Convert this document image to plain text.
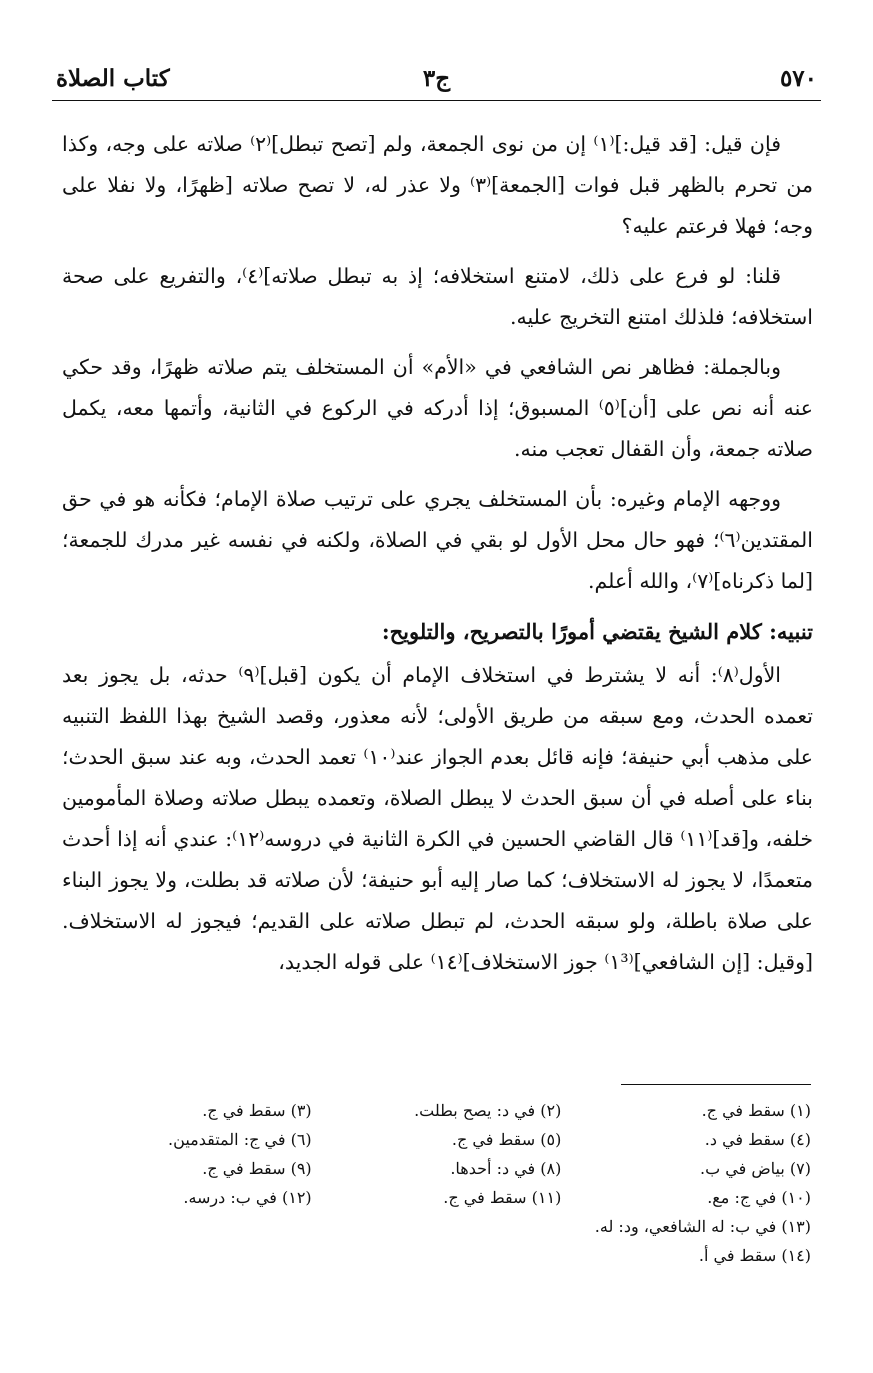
٥٧٠
ج٣
كتاب الصلاة

فإن قيل: [قد قيل:]⁽١⁾ إن من نوى الجمعة، ولم [تصح تبطل]⁽٢⁾ صلاته على وجه، وكذا من تحرم بالظهر قبل فوات [الجمعة]⁽٣⁾ ولا عذر له، لا تصح صلاته [ظهرًا، ولا نفلا على وجه؛ فهلا فرعتم عليه؟

قلنا: لو فرع على ذلك، لامتنع استخلافه؛ إذ به تبطل صلاته]⁽٤⁾، والتفريع على صحة استخلافه؛ فلذلك امتنع التخريج عليه.

وبالجملة: فظاهر نص الشافعي في «الأم» أن المستخلف يتم صلاته ظهرًا، وقد حكي عنه أنه نص على [أن]⁽٥⁾ المسبوق؛ إذا أدركه في الركوع في الثانية، وأتمها معه، يكمل صلاته جمعة، وأن القفال تعجب منه.

ووجهه الإمام وغيره: بأن المستخلف يجري على ترتيب صلاة الإمام؛ فكأنه هو في حق المقتدين⁽٦⁾؛ فهو حال محل الأول لو بقي في الصلاة، ولكنه في نفسه غير مدرك للجمعة؛ [لما ذكرناه]⁽٧⁾، والله أعلم.

تنبيه: كلام الشيخ يقتضي أمورًا بالتصريح، والتلويح:

الأول⁽٨⁾: أنه لا يشترط في استخلاف الإمام أن يكون [قبل]⁽٩⁾ حدثه، بل يجوز بعد تعمده الحدث، ومع سبقه من طريق الأولى؛ لأنه معذور، وقصد الشيخ بهذا اللفظ التنبيه على مذهب أبي حنيفة؛ فإنه قائل بعدم الجواز عند⁽١٠⁾ تعمد الحدث، وبه عند سبق الحدث؛ بناء على أصله في أن سبق الحدث لا يبطل الصلاة، وتعمده يبطل صلاته وصلاة المأمومين خلفه، و[قد]⁽١١⁾ قال القاضي الحسين في الكرة الثانية في دروسه⁽١٢⁾: عندي أنه إذا أحدث متعمدًا، لا يجوز له الاستخلاف؛ كما صار إليه أبو حنيفة؛ لأن صلاته قد بطلت، ولا يجوز البناء على صلاة باطلة، ولو سبقه الحدث، لم تبطل صلاته على القديم؛ فيجوز له الاستخلاف. [وقيل: [إن الشافعي]⁽١³⁾ جوز الاستخلاف]⁽١٤⁾ على قوله الجديد،

(١) سقط في ج.
(٢) في د: يصح بطلت.
(٣) سقط في ج.
(٤) سقط في د.
(٥) سقط في ج.
(٦) في ج: المتقدمين.
(٧) بياض في ب.
(٨) في د: أحدها.
(٩) سقط في ج.
(١٠) في ج: مع.
(١١) سقط في ج.
(١٢) في ب: درسه.
(١٣) في ب: له الشافعي، ود: له.
(١٤) سقط في أ.
